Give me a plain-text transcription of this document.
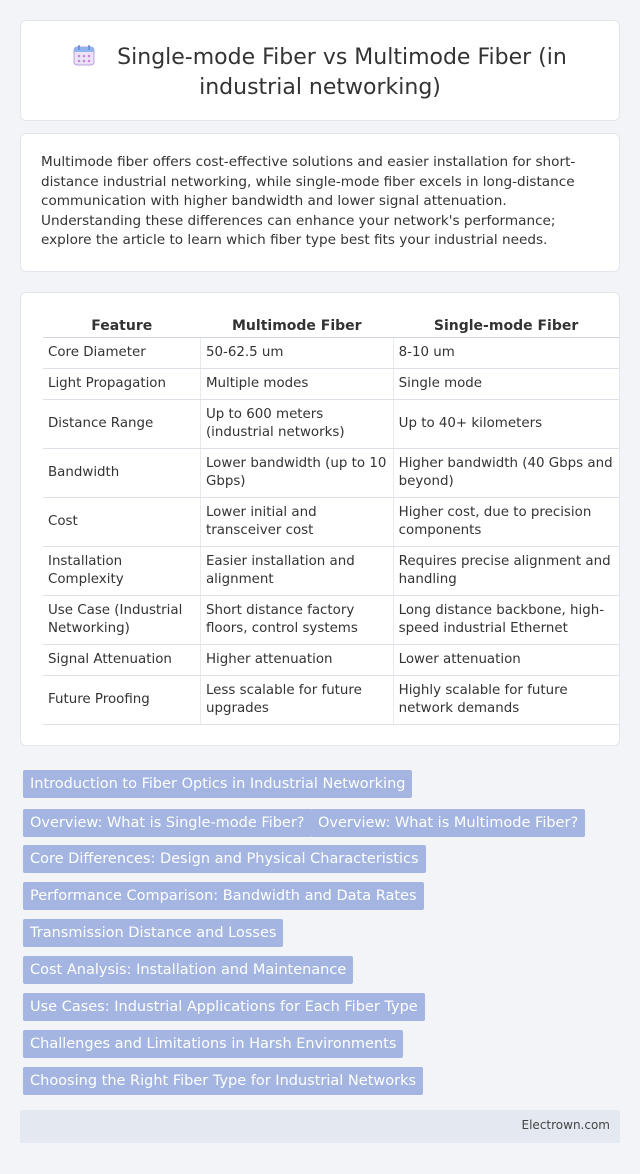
Single-mode Fiber vs Multimode Fiber (in industrial networking)

Multimode fiber offers cost-effective solutions and easier installation for short-distance industrial networking, while single-mode fiber excels in long-distance communication with higher bandwidth and lower signal attenuation. Understanding these differences can enhance your network's performance; explore the article to learn which fiber type best fits your industrial needs.

Feature	Multimode Fiber	Single-mode Fiber
Core Diameter	50-62.5 um	8-10 um
Light Propagation	Multiple modes	Single mode
Distance Range	Up to 600 meters (industrial networks)	Up to 40+ kilometers
Bandwidth	Lower bandwidth (up to 10 Gbps)	Higher bandwidth (40 Gbps and beyond)
Cost	Lower initial and transceiver cost	Higher cost, due to precision components
Installation Complexity	Easier installation and alignment	Requires precise alignment and handling
Use Case (Industrial Networking)	Short distance factory floors, control systems	Long distance backbone, high-speed industrial Ethernet
Signal Attenuation	Higher attenuation	Lower attenuation
Future Proofing	Less scalable for future upgrades	Highly scalable for future network demands
Introduction to Fiber Optics in Industrial Networking
Overview: What is Single-mode Fiber? Overview: What is Multimode Fiber?
Core Differences: Design and Physical Characteristics
Performance Comparison: Bandwidth and Data Rates
Transmission Distance and Losses
Cost Analysis: Installation and Maintenance
Use Cases: Industrial Applications for Each Fiber Type
Challenges and Limitations in Harsh Environments
Choosing the Right Fiber Type for Industrial Networks
Electrown.com
